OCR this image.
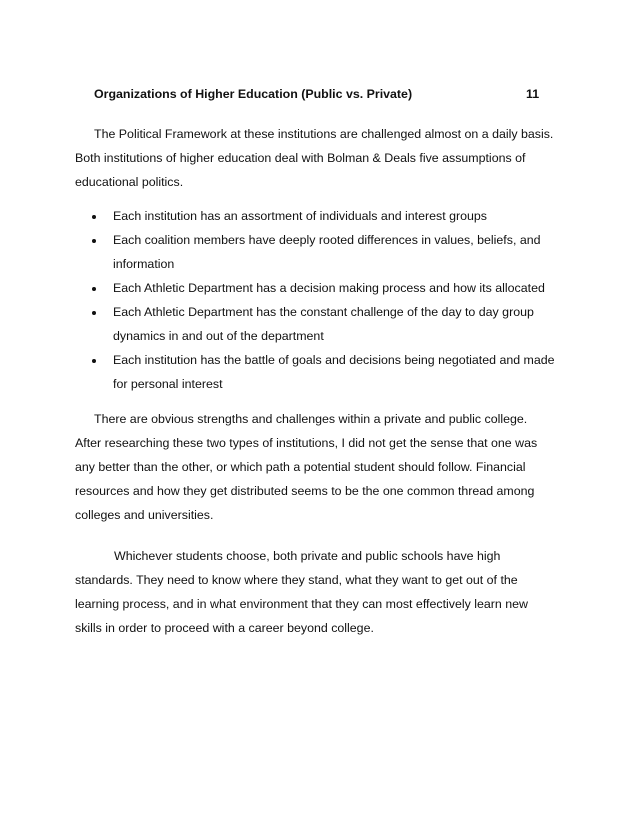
Organizations of Higher Education (Public vs. Private)	11
The Political Framework at these institutions are challenged almost on a daily basis. Both institutions of higher education deal with Bolman & Deals five assumptions of educational politics.
Each institution has an assortment of individuals and interest groups
Each coalition members have deeply rooted differences in values, beliefs, and information
Each Athletic Department has a decision making process and how its allocated
Each Athletic Department has the constant challenge of the day to day group dynamics in and out of the department
Each institution has the battle of goals and decisions being negotiated and made for personal interest
There are obvious strengths and challenges within a private and public college. After researching these two types of institutions, I did not get the sense that one was any better than the other, or which path a potential student should follow. Financial resources and how they get distributed seems to be the one common thread among colleges and universities.
Whichever students choose, both private and public schools have high standards. They need to know where they stand, what they want to get out of the learning process, and in what environment that they can most effectively learn new skills in order to proceed with a career beyond college.
